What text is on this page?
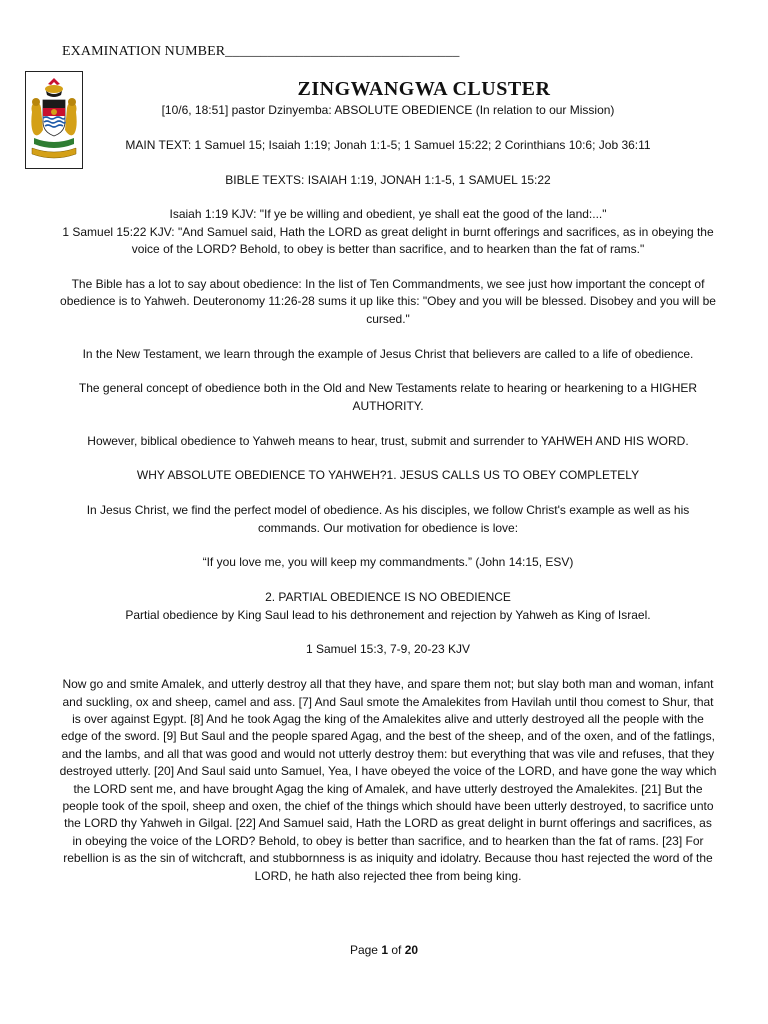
EXAMINATION NUMBER_________________________________
ZINGWANGWA CLUSTER

[10/6, 18:51] pastor Dzinyemba: ABSOLUTE OBEDIENCE (In relation to our Mission)

MAIN TEXT: 1 Samuel 15; Isaiah 1:19; Jonah 1:1-5; 1 Samuel 15:22; 2 Corinthians 10:6; Job 36:11

BIBLE TEXTS: ISAIAH 1:19, JONAH 1:1-5, 1 SAMUEL 15:22

Isaiah 1:19 KJV: "If ye be willing and obedient, ye shall eat the good of the land:..."

1 Samuel 15:22 KJV: "And Samuel said, Hath the LORD as great delight in burnt offerings and sacrifices, as in obeying the voice of the LORD? Behold, to obey is better than sacrifice, and to hearken than the fat of rams."

The Bible has a lot to say about obedience: In the list of Ten Commandments, we see just how important the concept of obedience is to Yahweh. Deuteronomy 11:26-28 sums it up like this: "Obey and you will be blessed. Disobey and you will be cursed."

In the New Testament, we learn through the example of Jesus Christ that believers are called to a life of obedience.

The general concept of obedience both in the Old and New Testaments relate to hearing or hearkening to a HIGHER AUTHORITY.

However, biblical obedience to Yahweh means to hear, trust, submit and surrender to YAHWEH AND HIS WORD.

WHY ABSOLUTE OBEDIENCE TO YAHWEH?1. JESUS CALLS US TO OBEY COMPLETELY

In Jesus Christ, we find the perfect model of obedience. As his disciples, we follow Christ's example as well as his commands. Our motivation for obedience is love:

“If you love me, you will keep my commandments.” (John 14:15, ESV)

2. PARTIAL OBEDIENCE IS NO OBEDIENCE

Partial obedience by King Saul lead to his dethronement and rejection by Yahweh as King of Israel.

1 Samuel 15:3, 7-9, 20-23 KJV

Now go and smite Amalek, and utterly destroy all that they have, and spare them not; but slay both man and woman, infant and suckling, ox and sheep, camel and ass. [7] And Saul smote the Amalekites from Havilah until thou comest to Shur, that is over against Egypt. [8] And he took Agag the king of the Amalekites alive and utterly destroyed all the people with the edge of the sword. [9] But Saul and the people spared Agag, and the best of the sheep, and of the oxen, and of the fatlings, and the lambs, and all that was good and would not utterly destroy them: but everything that was vile and refuses, that they destroyed utterly. [20] And Saul said unto Samuel, Yea, I have obeyed the voice of the LORD, and have gone the way which the LORD sent me, and have brought Agag the king of Amalek, and have utterly destroyed the Amalekites. [21] But the people took of the spoil, sheep and oxen, the chief of the things which should have been utterly destroyed, to sacrifice unto the LORD thy Yahweh in Gilgal. [22] And Samuel said, Hath the LORD as great delight in burnt offerings and sacrifices, as in obeying the voice of the LORD? Behold, to obey is better than sacrifice, and to hearken than the fat of rams. [23] For rebellion is as the sin of witchcraft, and stubbornness is as iniquity and idolatry. Because thou hast rejected the word of the LORD, he hath also rejected thee from being king.

Page 1 of 20
